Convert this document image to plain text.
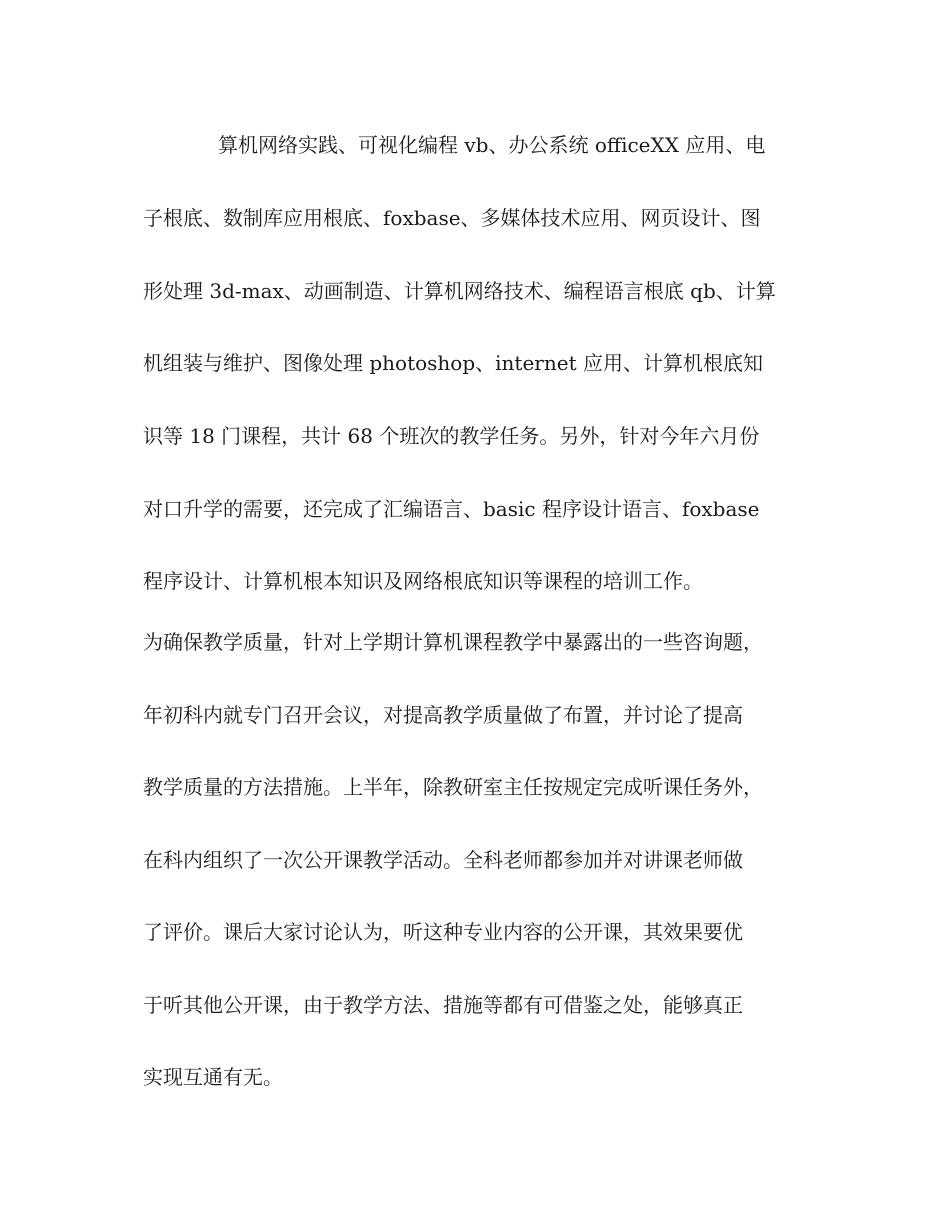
算机网络实践、可视化编程 vb、办公系统 officeXX 应用、电
子根底、数制库应用根底、foxbase、多媒体技术应用、网页设计、图
形处理 3d-max、动画制造、计算机网络技术、编程语言根底 qb、计算
机组装与维护、图像处理 photoshop、internet 应用、计算机根底知
识等 18 门课程，共计 68 个班次的教学任务。另外，针对今年六月份
对口升学的需要，还完成了汇编语言、basic 程序设计语言、foxbase
程序设计、计算机根本知识及网络根底知识等课程的培训工作。
为确保教学质量，针对上学期计算机课程教学中暴露出的一些咨询题，
年初科内就专门召开会议，对提高教学质量做了布置，并讨论了提高
教学质量的方法措施。上半年，除教研室主任按规定完成听课任务外，
在科内组织了一次公开课教学活动。全科老师都参加并对讲课老师做
了评价。课后大家讨论认为，听这种专业内容的公开课，其效果要优
于听其他公开课，由于教学方法、措施等都有可借鉴之处，能够真正
实现互通有无。
